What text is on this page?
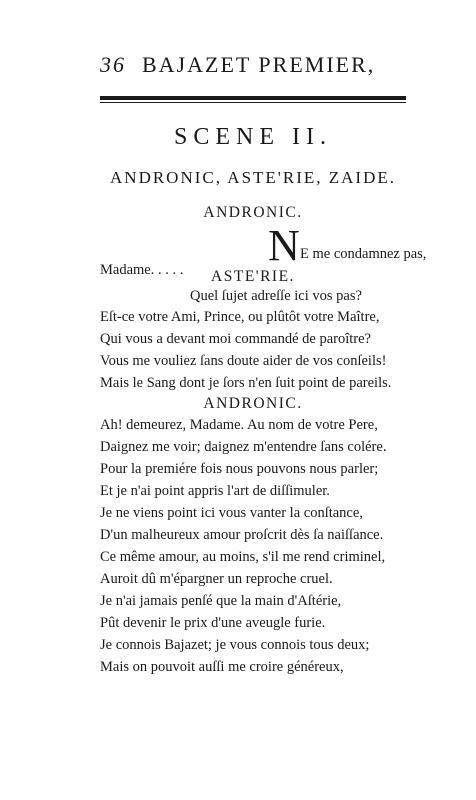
36 BAJAZET PREMIER,
SCENE II.
ANDRONIC, ASTE'RIE, ZAIDE.
ANDRONIC.
N E me condamnez pas,
Madame. . . . .	ASTE'RIE.
Quel ſujet adreſſe ici vos pas?
Eſt-ce votre Ami, Prince, ou plûtôt votre Maître,
Qui vous a devant moi commandé de paroître?
Vous me vouliez ſans doute aider de vos conſeils!
Mais le Sang dont je ſors n'en ſuit point de pareils.
ANDRONIC.
Ah! demeurez, Madame. Au nom de votre Pere,
Daignez me voir; daignez m'entendre ſans colére.
Pour la premiére fois nous pouvons nous parler;
Et je n'ai point appris l'art de diſſimuler.
Je ne viens point ici vous vanter la conſtance,
D'un malheureux amour proſcrit dès ſa naiſſance.
Ce même amour, au moins, s'il me rend criminel,
Auroit dû m'épargner un reproche cruel.
Je n'ai jamais penſé que la main d'Aſtérie,
Pût devenir le prix d'une aveugle furie.
Je connois Bajazet; je vous connois tous deux;
Mais on pouvoit auſſi me croire généreux,
